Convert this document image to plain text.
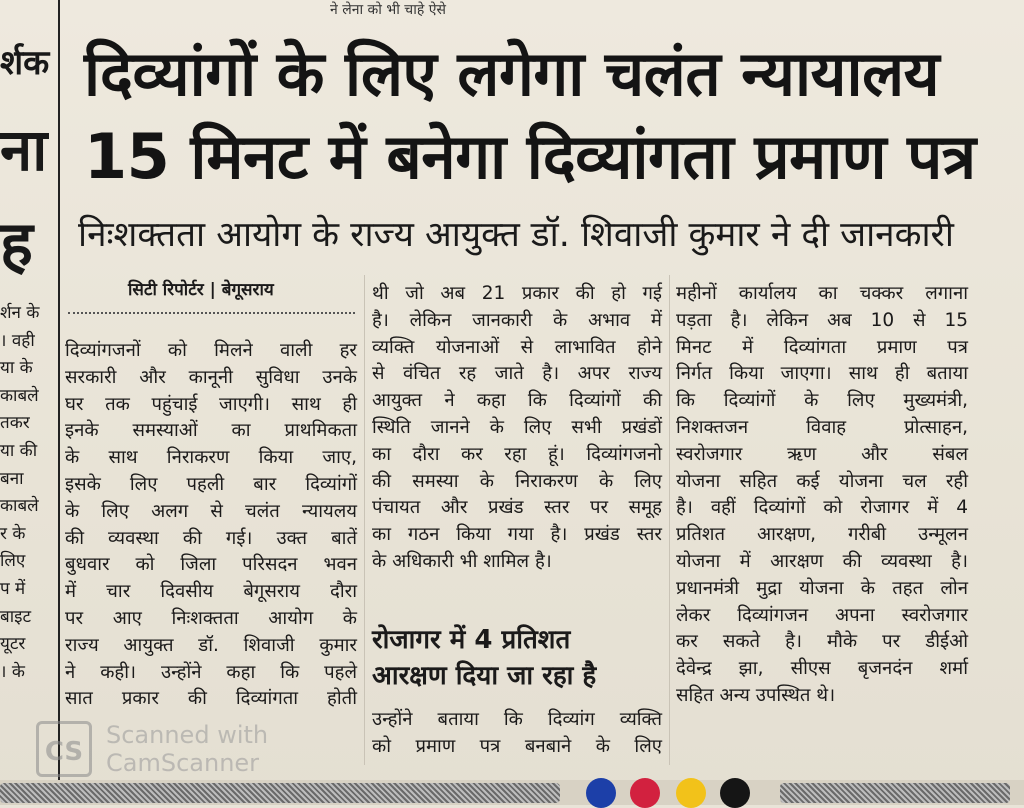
ने लेना को भी चाहे ऐसे
र्शक
ना
ह
र्शन के
। वही
या के
काबले
तकर
या की
बना
काबले
र के
लिए
प में
बाइट
यूटर
। के
दिव्यांगों के लिए लगेगा चलंत न्यायालय
15 मिनट में बनेगा दिव्यांगता प्रमाण पत्र
निःशक्तता आयोग के राज्य आयुक्त डॉ. शिवाजी कुमार ने दी जानकारी
सिटी रिपोर्टर | बेगूसराय
दिव्यांगजनों को मिलने वाली हर
सरकारी और कानूनी सुविधा उनके
घर तक पहुंचाई जाएगी। साथ ही
इनके समस्याओं का प्राथमिकता
के साथ निराकरण किया जाए,
इसके लिए पहली बार दिव्यांगों
के लिए अलग से चलंत न्यायलय
की व्यवस्था की गई। उक्त बातें
बुधवार को जिला परिसदन भवन
में चार दिवसीय बेगूसराय दौरा
पर आए निःशक्तता आयोग के
राज्य आयुक्त डॉ. शिवाजी कुमार
ने कही। उन्होंने कहा कि पहले
सात प्रकार की दिव्यांगता होती
थी जो अब 21 प्रकार की हो गई
है। लेकिन जानकारी के अभाव में
व्यक्ति योजनाओं से लाभावित होने
से वंचित रह जाते है। अपर राज्य
आयुक्त ने कहा कि दिव्यांगों की
स्थिति जानने के लिए सभी प्रखंडों
का दौरा कर रहा हूं। दिव्यांगजनो
की समस्या के निराकरण के लिए
पंचायत और प्रखंड स्तर पर समूह
का गठन किया गया है। प्रखंड स्तर
के अधिकारी भी शामिल है।
रोजागर में 4 प्रतिशत
आरक्षण दिया जा रहा है
उन्होंने बताया कि दिव्यांग व्यक्ति
को प्रमाण पत्र बनबाने के लिए
महीनों कार्यालय का चक्कर लगाना
पड़ता है। लेकिन अब 10 से 15
मिनट में दिव्यांगता प्रमाण पत्र
निर्गत किया जाएगा। साथ ही बताया
कि दिव्यांगों के लिए मुख्यमंत्री,
निशक्तजन विवाह प्रोत्साहन,
स्वरोजगार ऋण और संबल
योजना सहित कई योजना चल रही
है। वहीं दिव्यांगों को रोजागर में 4
प्रतिशत आरक्षण, गरीबी उन्मूलन
योजना में आरक्षण की व्यवस्था है।
प्रधानमंत्री मुद्रा योजना के तहत लोन
लेकर दिव्यांगजन अपना स्वरोजगार
कर सकते है। मौके पर डीईओ
देवेन्द्र झा, सीएस बृजनदंन शर्मा
सहित अन्य उपस्थित थे।
CS
Scanned with
CamScanner
